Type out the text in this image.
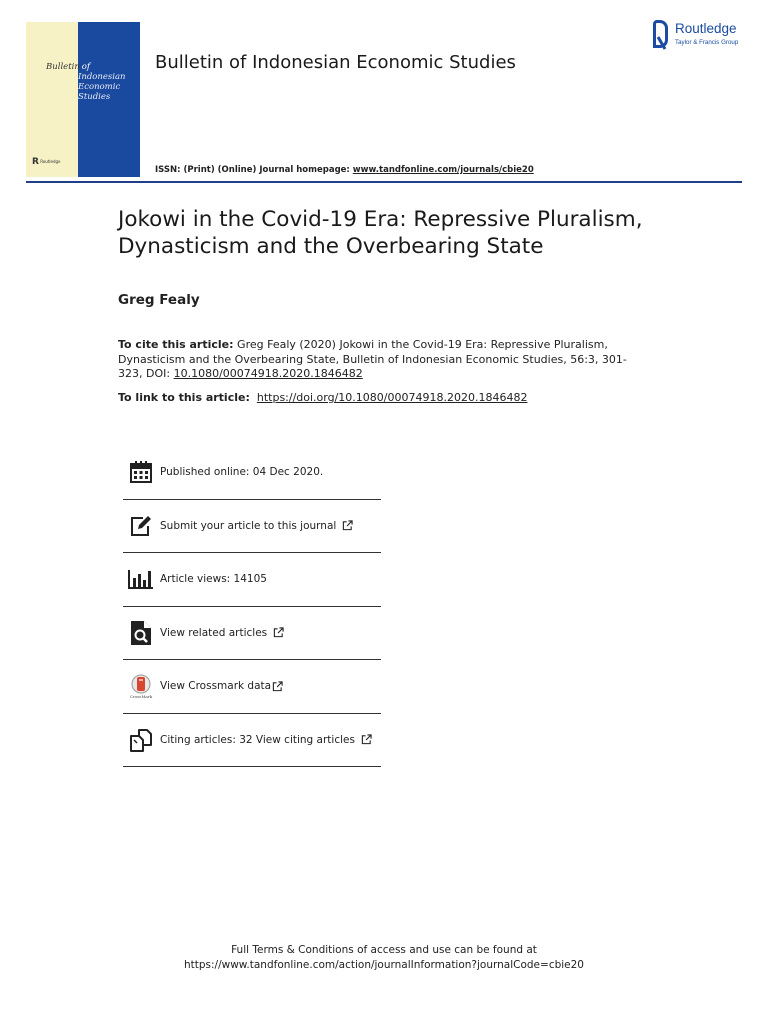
Bulletin of
Indonesian
Economic
Studies
R Routledge
Bulletin of Indonesian Economic Studies
Routledge
Taylor & Francis Group
ISSN: (Print) (Online) Journal homepage: www.tandfonline.com/journals/cbie20
Jokowi in the Covid-19 Era: Repressive Pluralism, Dynasticism and the Overbearing State
Greg Fealy
To cite this article: Greg Fealy (2020) Jokowi in the Covid-19 Era: Repressive Pluralism, Dynasticism and the Overbearing State, Bulletin of Indonesian Economic Studies, 56:3, 301-323, DOI: 10.1080/00074918.2020.1846482
To link to this article: https://doi.org/10.1080/00074918.2020.1846482
Published online: 04 Dec 2020.
Submit your article to this journal
Article views: 14105
View related articles
CrossMark
View Crossmark data
Citing articles: 32 View citing articles
Full Terms & Conditions of access and use can be found at
https://www.tandfonline.com/action/journalInformation?journalCode=cbie20
